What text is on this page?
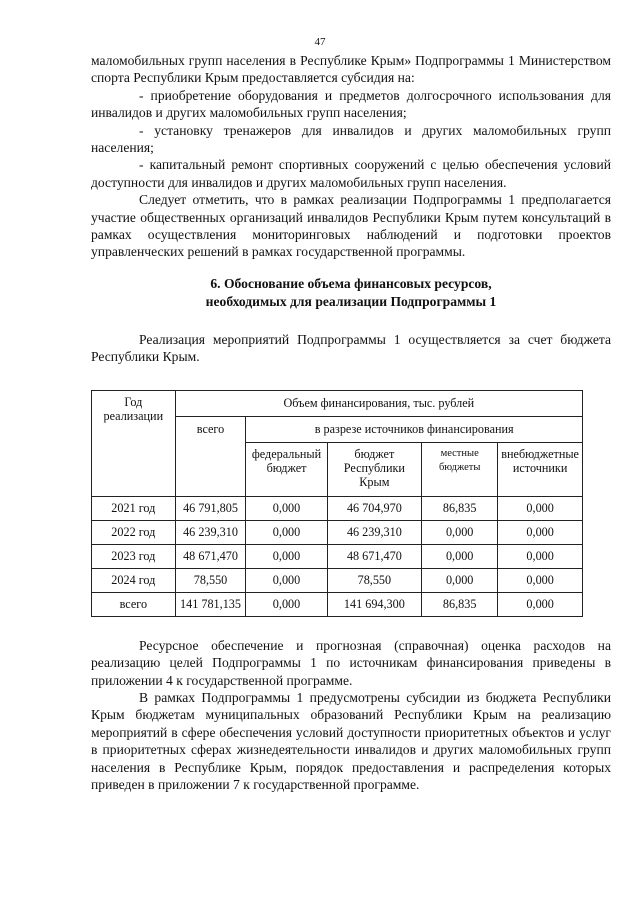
47

маломобильных групп населения в Республике Крым» Подпрограммы 1 Министерством спорта Республики Крым предоставляется субсидия на:

- приобретение оборудования и предметов долгосрочного использования для инвалидов и других маломобильных групп населения;

- установку тренажеров для инвалидов и других маломобильных групп населения;

- капитальный ремонт спортивных сооружений с целью обеспечения условий доступности для инвалидов и других маломобильных групп населения.

Следует отметить, что в рамках реализации Подпрограммы 1 предполагается участие общественных организаций инвалидов Республики Крым путем консультаций в рамках осуществления мониторинговых наблюдений и подготовки проектов управленческих решений в рамках государственной программы.

6. Обоснование объема финансовых ресурсов,
необходимых для реализации Подпрограммы 1

Реализация мероприятий Подпрограммы 1 осуществляется за счет бюджета Республики Крым.

Год реализации	Объем финансирования, тыс. рублей				
	всего	в разрезе источников финансирования			
		федеральный бюджет	бюджет Республики Крым	местные бюджеты	внебюджетные источники
2021 год	46 791,805	0,000	46 704,970	86,835	0,000
2022 год	46 239,310	0,000	46 239,310	0,000	0,000
2023 год	48 671,470	0,000	48 671,470	0,000	0,000
2024 год	78,550	0,000	78,550	0,000	0,000
всего	141 781,135	0,000	141 694,300	86,835	0,000

Ресурсное обеспечение и прогнозная (справочная) оценка расходов на реализацию целей Подпрограммы 1 по источникам финансирования приведены в приложении 4 к государственной программе.

В рамках Подпрограммы 1 предусмотрены субсидии из бюджета Республики Крым бюджетам муниципальных образований Республики Крым на реализацию мероприятий в сфере обеспечения условий доступности приоритетных объектов и услуг в приоритетных сферах жизнедеятельности инвалидов и других маломобильных групп населения в Республике Крым, порядок предоставления и распределения которых приведен в приложении 7 к государственной программе.
